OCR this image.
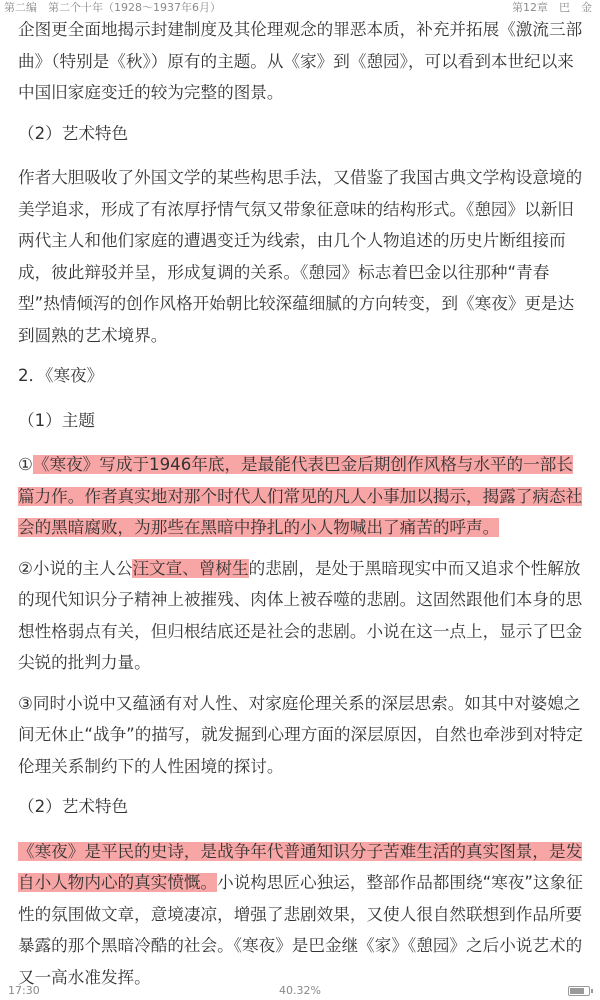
第二编　第二个十年（1928～1937年6月）	第12章　巴　金
企图更全面地揭示封建制度及其伦理观念的罪恶本质，补充并拓展《激流三部曲》（特别是《秋》）原有的主题。从《家》到《憩园》，可以看到本世纪以来中国旧家庭变迁的较为完整的图景。
（2）艺术特色
作者大胆吸收了外国文学的某些构思手法，又借鉴了我国古典文学构设意境的美学追求，形成了有浓厚抒情气氛又带象征意味的结构形式。《憩园》以新旧两代主人和他们家庭的遭遇变迁为线索，由几个人物追述的历史片断组接而成，彼此辩驳并呈，形成复调的关系。《憩园》标志着巴金以往那种“青春型”热情倾泻的创作风格开始朝比较深蕴细腻的方向转变，到《寒夜》更是达到圆熟的艺术境界。
2．《寒夜》
（1）主题
①《寒夜》写成于1946年底，是最能代表巴金后期创作风格与水平的一部长篇力作。作者真实地对那个时代人们常见的凡人小事加以揭示，揭露了病态社会的黑暗腐败，为那些在黑暗中挣扎的小人物喊出了痛苦的呼声。
②小说的主人公汪文宣、曾树生的悲剧，是处于黑暗现实中而又追求个性解放的现代知识分子精神上被摧残、肉体上被吞噬的悲剧。这固然跟他们本身的思想性格弱点有关，但归根结底还是社会的悲剧。小说在这一点上，显示了巴金尖锐的批判力量。
③同时小说中又蕴涵有对人性、对家庭伦理关系的深层思索。如其中对婆媳之间无休止“战争”的描写，就发掘到心理方面的深层原因，自然也牵涉到对特定伦理关系制约下的人性困境的探讨。
（2）艺术特色
《寒夜》是平民的史诗，是战争年代普通知识分子苦难生活的真实图景，是发自小人物内心的真实愤慨。小说构思匠心独运，整部作品都围绕“寒夜”这象征性的氛围做文章，意境凄凉，增强了悲剧效果，又使人很自然联想到作品所要暴露的那个黑暗冷酷的社会。《寒夜》是巴金继《家》《憩园》之后小说艺术的又一高水准发挥。
17:30	40.32%
